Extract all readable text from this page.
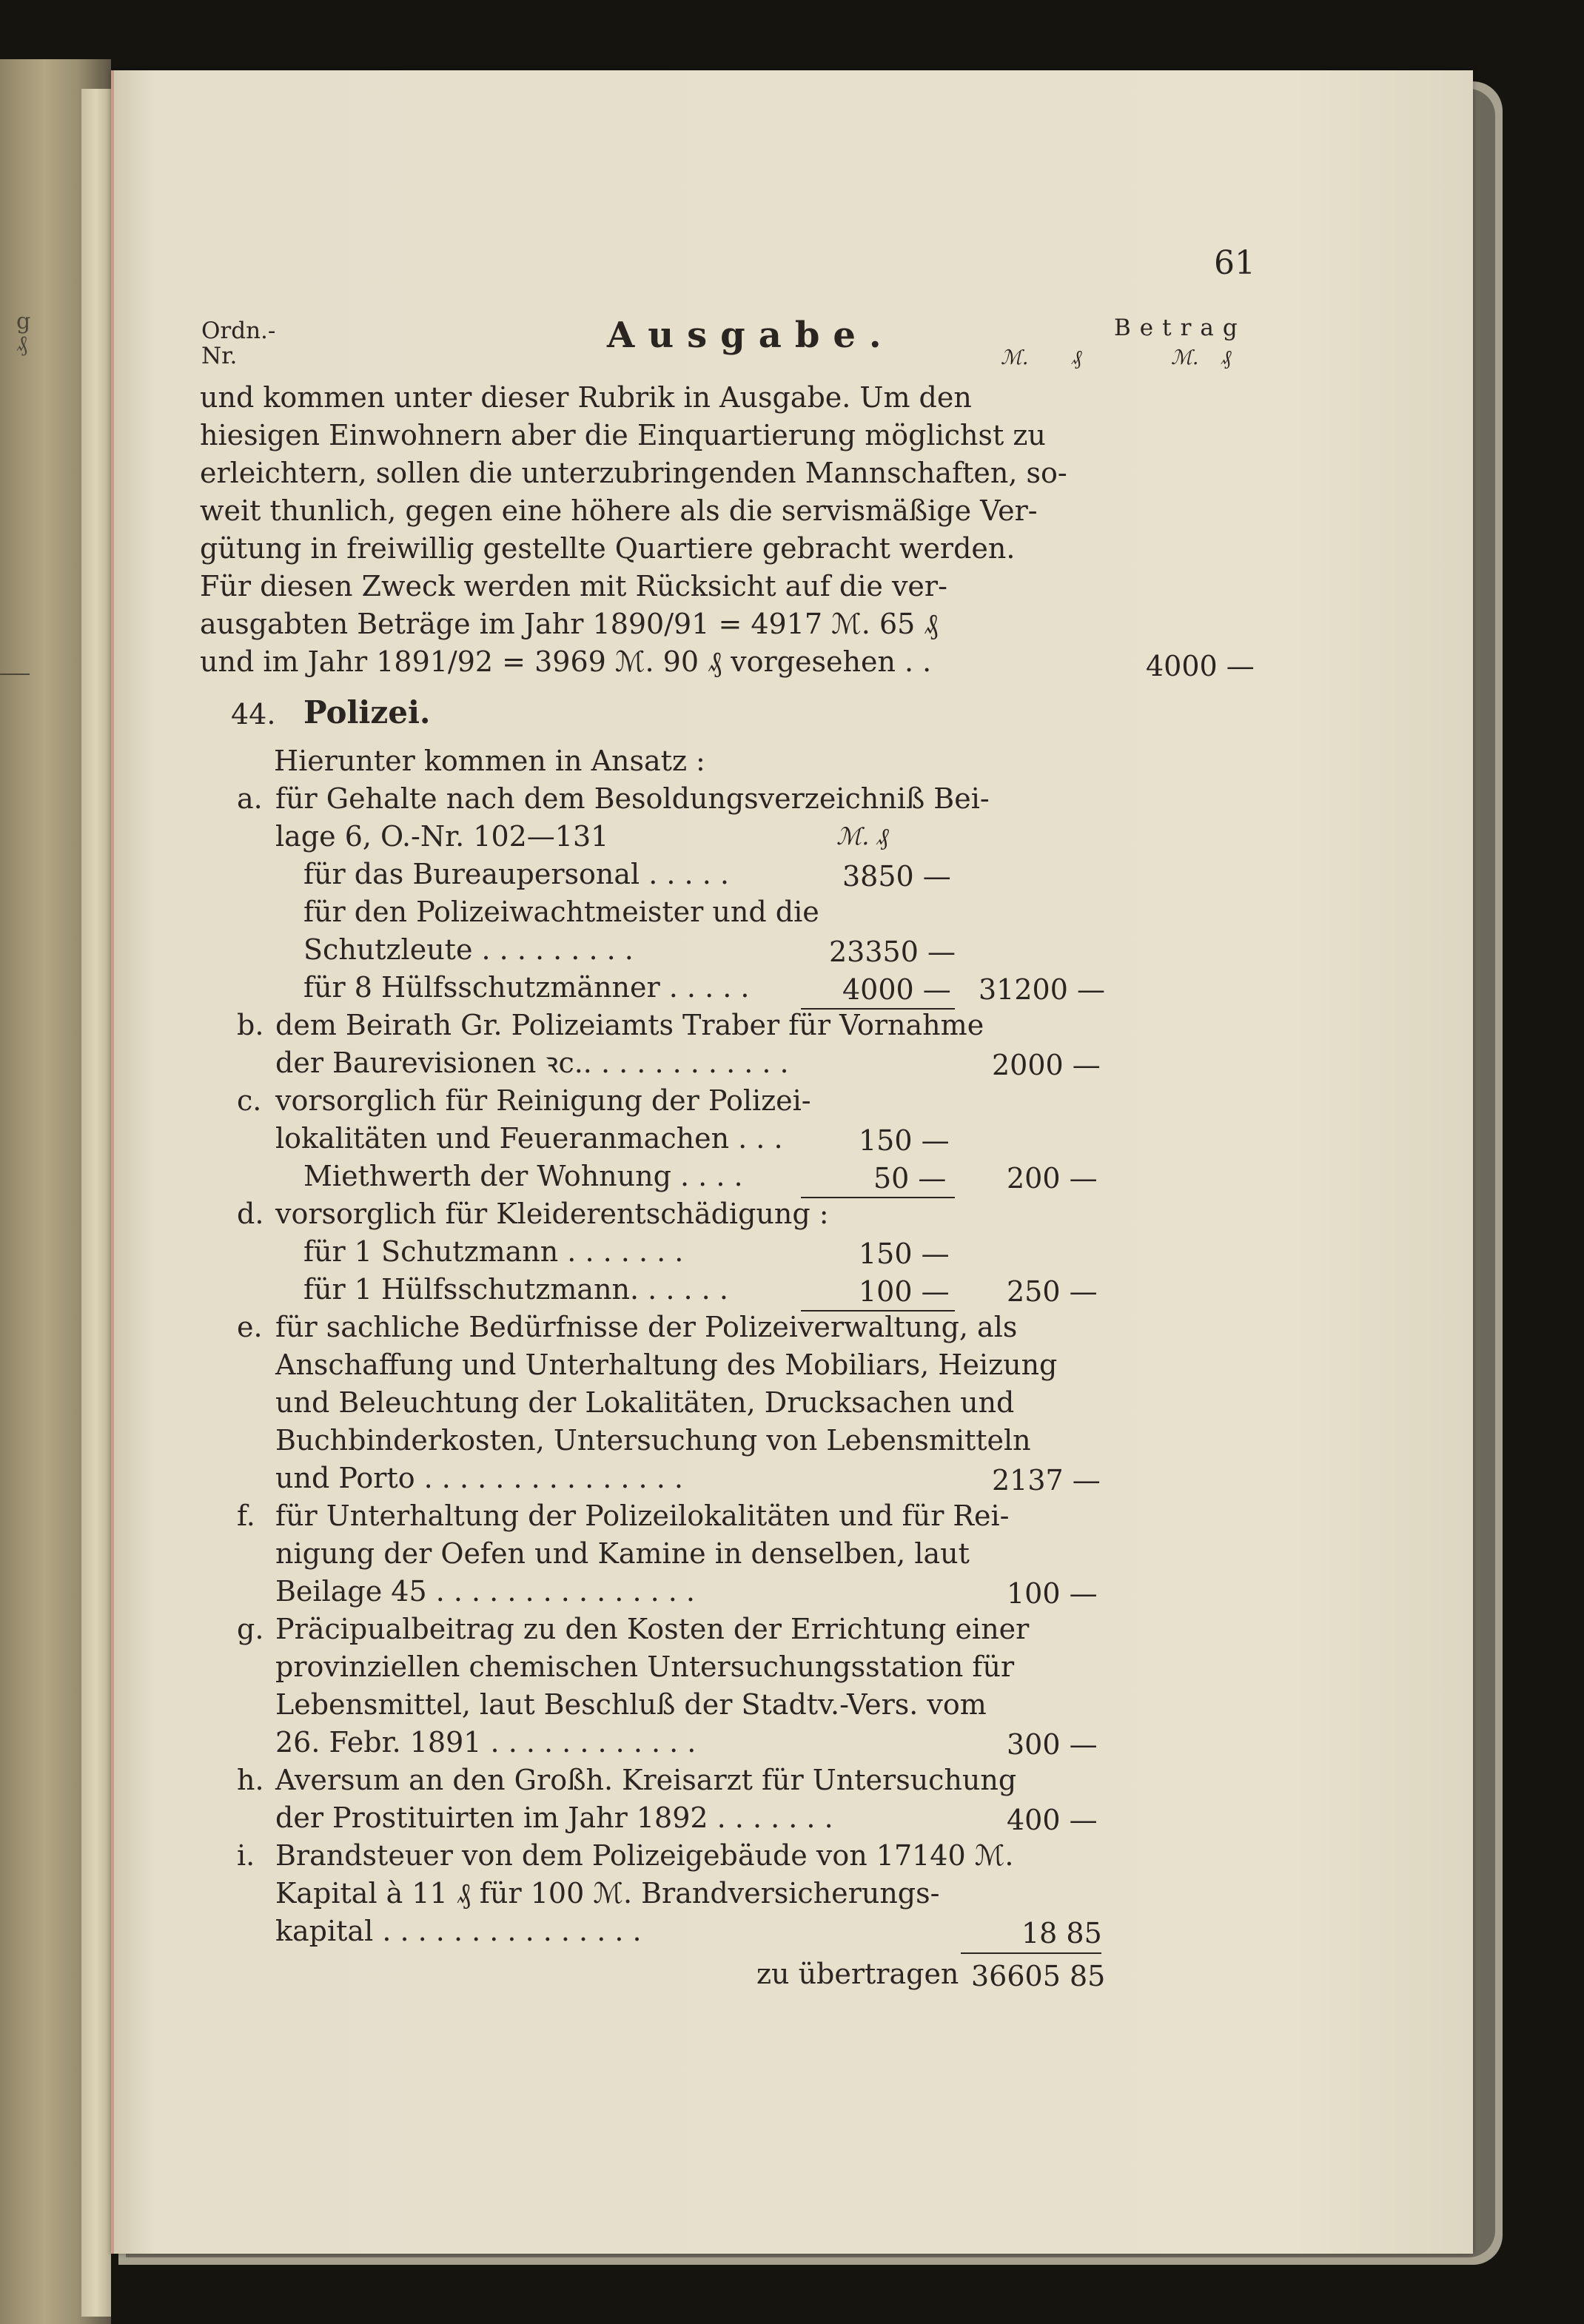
g
₰
61
Ordn.-
Nr.	Ausgabe.	Betrag
ℳ. ₰	ℳ. ₰
und kommen unter dieser Rubrik in Ausgabe. Um den
hiesigen Einwohnern aber die Einquartierung möglichst zu
erleichtern, sollen die unterzubringenden Mannschaften, so-
weit thunlich, gegen eine höhere als die servismäßige Ver-
gütung in freiwillig gestellte Quartiere gebracht werden.
Für diesen Zweck werden mit Rücksicht auf die ver-
ausgabten Beträge im Jahr 1890/91 = 4917 ℳ. 65 ₰
und im Jahr 1891/92 = 3969 ℳ. 90 ₰ vorgesehen . .	4000 —
44. Polizei.
Hierunter kommen in Ansatz :
a. für Gehalte nach dem Besoldungsverzeichniß Bei-
lage 6, O.-Nr. 102—131	ℳ. ₰
für das Bureaupersonal . . . . .	3850 —
für den Polizeiwachtmeister und die
Schutzleute . . . . . . . . .	23350 —
für 8 Hülfsschutzmänner . . . . .	4000 — 31200 —
b. dem Beirath Gr. Polizeiamts Traber für Vornahme
der Baurevisionen ꝛc.. . . . . . . . . . . .	2000 —
c. vorsorglich für Reinigung der Polizei-
lokalitäten und Feueranmachen . . .	150 —
Miethwerth der Wohnung . . . .	50 — 200 —
d. vorsorglich für Kleiderentschädigung :
für 1 Schutzmann . . . . . . .	150 —
für 1 Hülfsschutzmann. . . . . .	100 — 250 —
e. für sachliche Bedürfnisse der Polizeiverwaltung, als
Anschaffung und Unterhaltung des Mobiliars, Heizung
und Beleuchtung der Lokalitäten, Drucksachen und
Buchbinderkosten, Untersuchung von Lebensmitteln
und Porto . . . . . . . . . . . . . . .	2137 —
f. für Unterhaltung der Polizeilokalitäten und für Rei-
nigung der Oefen und Kamine in denselben, laut
Beilage 45 . . . . . . . . . . . . . . .	100 —
g. Präcipualbeitrag zu den Kosten der Errichtung einer
provinziellen chemischen Untersuchungsstation für
Lebensmittel, laut Beschluß der Stadtv.-Vers. vom
26. Febr. 1891 . . . . . . . . . . . .	300 —
h. Aversum an den Großh. Kreisarzt für Untersuchung
der Prostituirten im Jahr 1892 . . . . . . .	400 —
i. Brandsteuer von dem Polizeigebäude von 17140 ℳ.
Kapital à 11 ₰ für 100 ℳ. Brandversicherungs-
kapital . . . . . . . . . . . . . . .	18 85
zu übertragen 36605 85
